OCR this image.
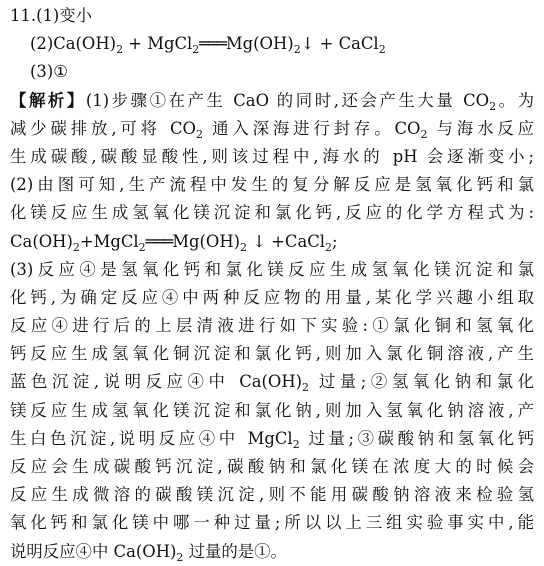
11.(1)变小
$(2)Ca(OH)_2$ + $MgCl_2═══Mg(OH)_2↓$ + CaCl$_2$
(3)①
【解析】(1)步骤①在产生 CaO 的同时,还会产生大量 $CO_2$。为
减少碳排放,可将 $CO_2$ 通入深海进行封存。$CO_2$ 与海水反应
生成碳酸,碳酸显酸性,则该过程中,海水的 pH 会逐渐变小;
(2)由图可知,生产流程中发生的复分解反应是氢氧化钙和氯
化镁反应生成氢氧化镁沉淀和氯化钙,反应的化学方程式为:
$Ca(OH)_2+MgCl_2═══Mg(OH)_2$ ↓ +CaCl$_2$;
(3)反应④是氢氧化钙和氯化镁反应生成氢氧化镁沉淀和氯
化钙,为确定反应④中两种反应物的用量,某化学兴趣小组取
反应④进行后的上层清液进行如下实验:①氯化铜和氢氧化
钙反应生成氢氧化铜沉淀和氯化钙,则加入氯化铜溶液,产生
蓝色沉淀,说明反应④中 $Ca(OH)_2$ 过量;②氢氧化钠和氯化
镁反应生成氢氧化镁沉淀和氯化钠,则加入氢氧化钠溶液,产
生白色沉淀,说明反应④中 MgCl$_2$ 过量;③碳酸钠和氢氧化钙
反应会生成碳酸钙沉淀,碳酸钠和氯化镁在浓度大的时候会
反应生成微溶的碳酸镁沉淀,则不能用碳酸钠溶液来检验氢
氧化钙和氯化镁中哪一种过量;所以以上三组实验事实中,能
说明反应④中 $Ca(OH)_2$ 过量的是①。
